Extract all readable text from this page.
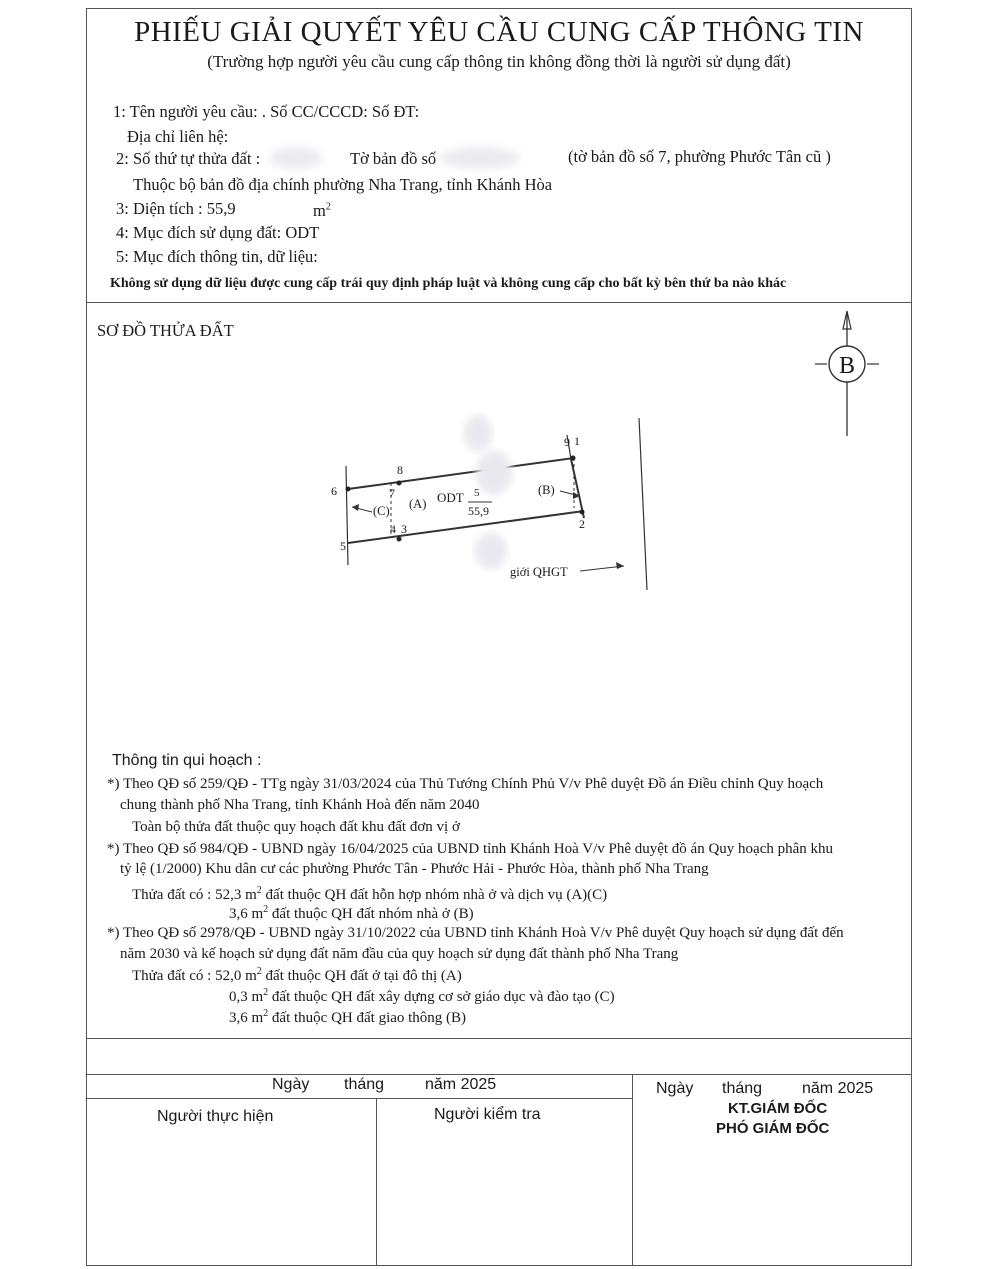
PHIẾU GIẢI QUYẾT YÊU CẦU CUNG CẤP THÔNG TIN
(Trường hợp người yêu cầu cung cấp thông tin không đồng thời là người sử dụng đất)
1: Tên người yêu cầu: . Số CC/CCCD: Số ĐT:
Địa chỉ liên hệ:
2: Số thứ tự thửa đất :	Tờ bản đồ số	(tờ bản đồ số 7, phường Phước Tân cũ )
Thuộc bộ bản đồ địa chính phường Nha Trang, tỉnh Khánh Hòa
3: Diện tích : 55,9	$m^2$
4: Mục đích sử dụng đất: ODT
5: Mục đích thông tin, dữ liệu:
Không sử dụng dữ liệu được cung cấp trái quy định pháp luật và không cung cấp cho bất kỳ bên thứ ba nào khác
SƠ ĐỒ THỬA ĐẤT
B
1
2
3
4
5
6	7
8
9
(A)
(B)
(C)
ODT 5
55,9
giới QHGT
Thông tin qui hoạch :
*) Theo QĐ số 259/QĐ - TTg ngày 31/03/2024 của Thủ Tướng Chính Phủ V/v Phê duyệt Đồ án Điều chỉnh Quy hoạch
chung thành phố Nha Trang, tỉnh Khánh Hoà đến năm 2040
Toàn bộ thửa đất thuộc quy hoạch đất khu đất đơn vị ở
*) Theo QĐ số 984/QĐ - UBND ngày 16/04/2025 của UBND tỉnh Khánh Hoà V/v Phê duyệt đồ án Quy hoạch phân khu
tỷ lệ (1/2000) Khu dân cư các phường Phước Tân - Phước Hải - Phước Hòa, thành phố Nha Trang
Thửa đất có : 52,3 $m^2$ đất thuộc QH đất hỗn hợp nhóm nhà ở và dịch vụ (A)(C)
3,6 $m^2$ đất thuộc QH đất nhóm nhà ở (B)
*) Theo QĐ số 2978/QĐ - UBND ngày 31/10/2022 của UBND tỉnh Khánh Hoà V/v Phê duyệt Quy hoạch sử dụng đất đến
năm 2030 và kế hoạch sử dụng đất năm đầu của quy hoạch sử dụng đất thành phố Nha Trang
Thửa đất có : 52,0 $m^2$ đất thuộc QH đất ở tại đô thị (A)
0,3 $m^2$ đất thuộc QH đất xây dựng cơ sở giáo dục và đào tạo (C)
3,6 $m^2$ đất thuộc QH đất giao thông (B)
Ngày tháng	năm 2025	Ngày tháng năm 2025
Người thực hiện	Người kiểm tra	KT.GIÁM ĐỐC
PHÓ GIÁM ĐỐC
